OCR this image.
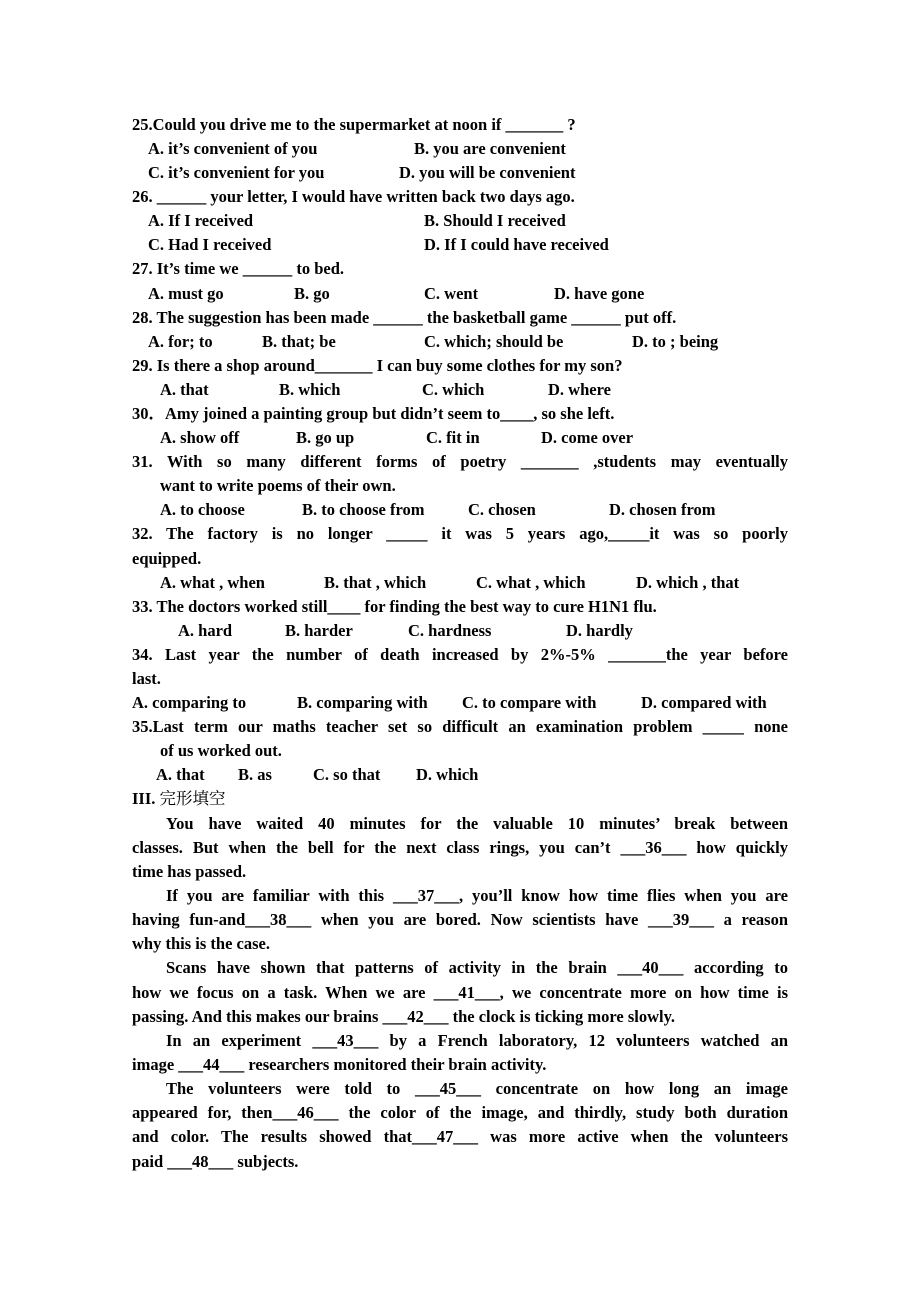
25.Could you drive me to the supermarket at noon if _______ ?
A. it’s convenient of you	B. you are convenient
C. it’s convenient for you	D. you will be convenient
26. ______ your letter, I would have written back two days ago.
A. If I received	B. Should I received
C. Had I received	D. If I could have received
27. It’s time we ______ to bed.
A. must go	B. go	C. went	D. have gone
28. The suggestion has been made ______ the basketball game ______ put off.
A. for; to	B. that; be	C. which; should be	D. to ; being
29. Is there a shop around_______ I can buy some clothes for my son?
A. that	B. which	C. which	D. where
30．Amy joined a painting group but didn’t seem to____, so she left.
A. show off	B. go up	C. fit in	D. come over
31. With so many different forms of poetry _______ ,students may eventually
want to write poems of their own.
A. to choose	B. to choose from	C. chosen	D. chosen from
32. The factory is no longer _____ it was 5 years ago,_____it was so poorly
equipped.
A. what , when	B. that , which	C. what , which	D. which , that
33. The doctors worked still____ for finding the best way to cure H1N1 flu.
A. hard	B. harder	C. hardness	D. hardly
34. Last year the number of death increased by 2%-5% _______the year before
last.
A. comparing to	B. comparing with C. to compare with	D. compared with
35.Last term our maths teacher set so difficult an examination problem _____ none
of us worked out.
A. that B. as C. so that D. which
III. 完形填空
You have waited 40 minutes for the valuable 10 minutes’ break between
classes. But when the bell for the next class rings, you can’t ___36___ how quickly
time has passed.
If you are familiar with this ___37___, you’ll know how time flies when you are
having fun-and___38___ when you are bored. Now scientists have ___39___ a reason
why this is the case.
Scans have shown that patterns of activity in the brain ___40___ according to
how we focus on a task. When we are ___41___, we concentrate more on how time is
passing. And this makes our brains ___42___ the clock is ticking more slowly.
In an experiment ___43___ by a French laboratory, 12 volunteers watched an
image ___44___ researchers monitored their brain activity.
The volunteers were told to ___45___ concentrate on how long an image
appeared for, then___46___ the color of the image, and thirdly, study both duration
and color. The results showed that___47___ was more active when the volunteers
paid ___48___ subjects.
